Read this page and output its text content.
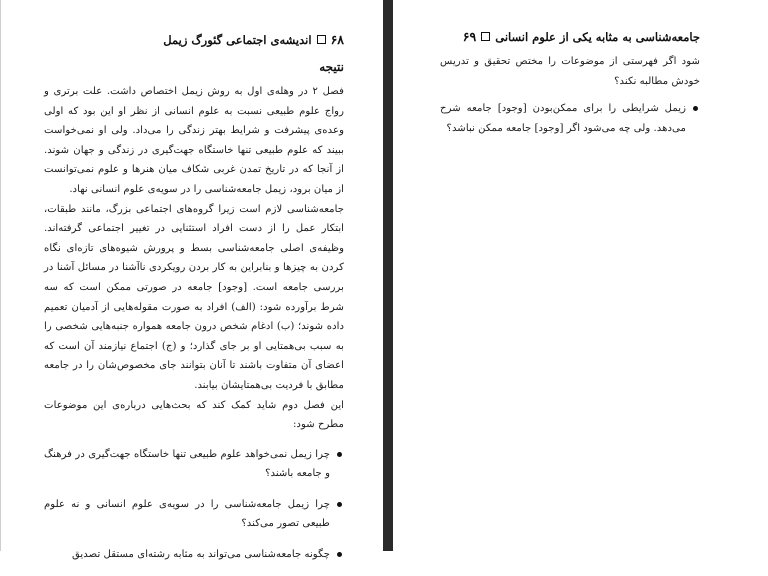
۶۸
اندیشه‌ی اجتماعی گئورگ زیمل
نتیجه

فصل ۲ در وهله‌ی اول به روش زیمل اختصاص داشت. علت برتری و رواج علوم طبیعی نسبت به علوم انسانی از نظر او این بود که اولی وعده‌ی پیشرفت و شرایط بهتر زندگی را می‌داد. ولی او نمی‌خواست ببیند که علوم طبیعی تنها خاستگاه جهت‌گیری در زندگی و جهان شوند. از آنجا که در تاریخ تمدن غربی شکاف میان هنرها و علوم نمی‌توانست از میان برود، زیمل جامعه‌شناسی را در سویه‌ی علوم انسانی نهاد.

جامعه‌شناسی لازم است زیرا گروه‌های اجتماعی بزرگ، مانند طبقات، ابتکار عمل را از دست افراد استثنایی در تغییر اجتماعی گرفته‌اند. وظیفه‌ی اصلی جامعه‌شناسی بسط و پرورش شیوه‌های تازه‌ای نگاه کردن به چیزها و بنابراین به کار بردن رویکردی ناآشنا در مسائل آشنا در بررسی جامعه است. [وجود] جامعه در صورتی ممکن است که سه شرط برآورده شود: (الف) افراد به صورت مقوله‌هایی از آدمیان تعمیم داده شوند؛ (ب) ادغام شخص درون جامعه همواره جنبه‌هایی شخصی را به سبب بی‌همتایی او بر جای گذارد؛ و (ج) اجتماع نیازمند آن است که اعضای آن متفاوت باشند تا آنان بتوانند جای مخصوص‌شان را در جامعه مطابق با فردیت بی‌همتایشان بیابند.

این فصل دوم شاید کمک کند که بحث‌هایی درباره‌ی این موضوعات مطرح شود:

چرا زیمل نمی‌خواهد علوم طبیعی تنها خاستگاه جهت‌گیری در فرهنگ و جامعه باشند؟
چرا زیمل جامعه‌شناسی را در سویه‌ی علوم انسانی و نه علوم طبیعی تصور می‌کند؟
چگونه جامعه‌شناسی می‌تواند به مثابه رشته‌ای مستقل تصدیق
جامعه‌شناسی به مثابه یکی از علوم انسانی
۶۹

شود اگر فهرستی از موضوعات را مختص تحقیق و تدریس خودش مطالبه نکند؟

زیمل شرایطی را برای ممکن‌بودن [وجود] جامعه شرح می‌دهد. ولی چه می‌شود اگر [وجود] جامعه ممکن نباشد؟
